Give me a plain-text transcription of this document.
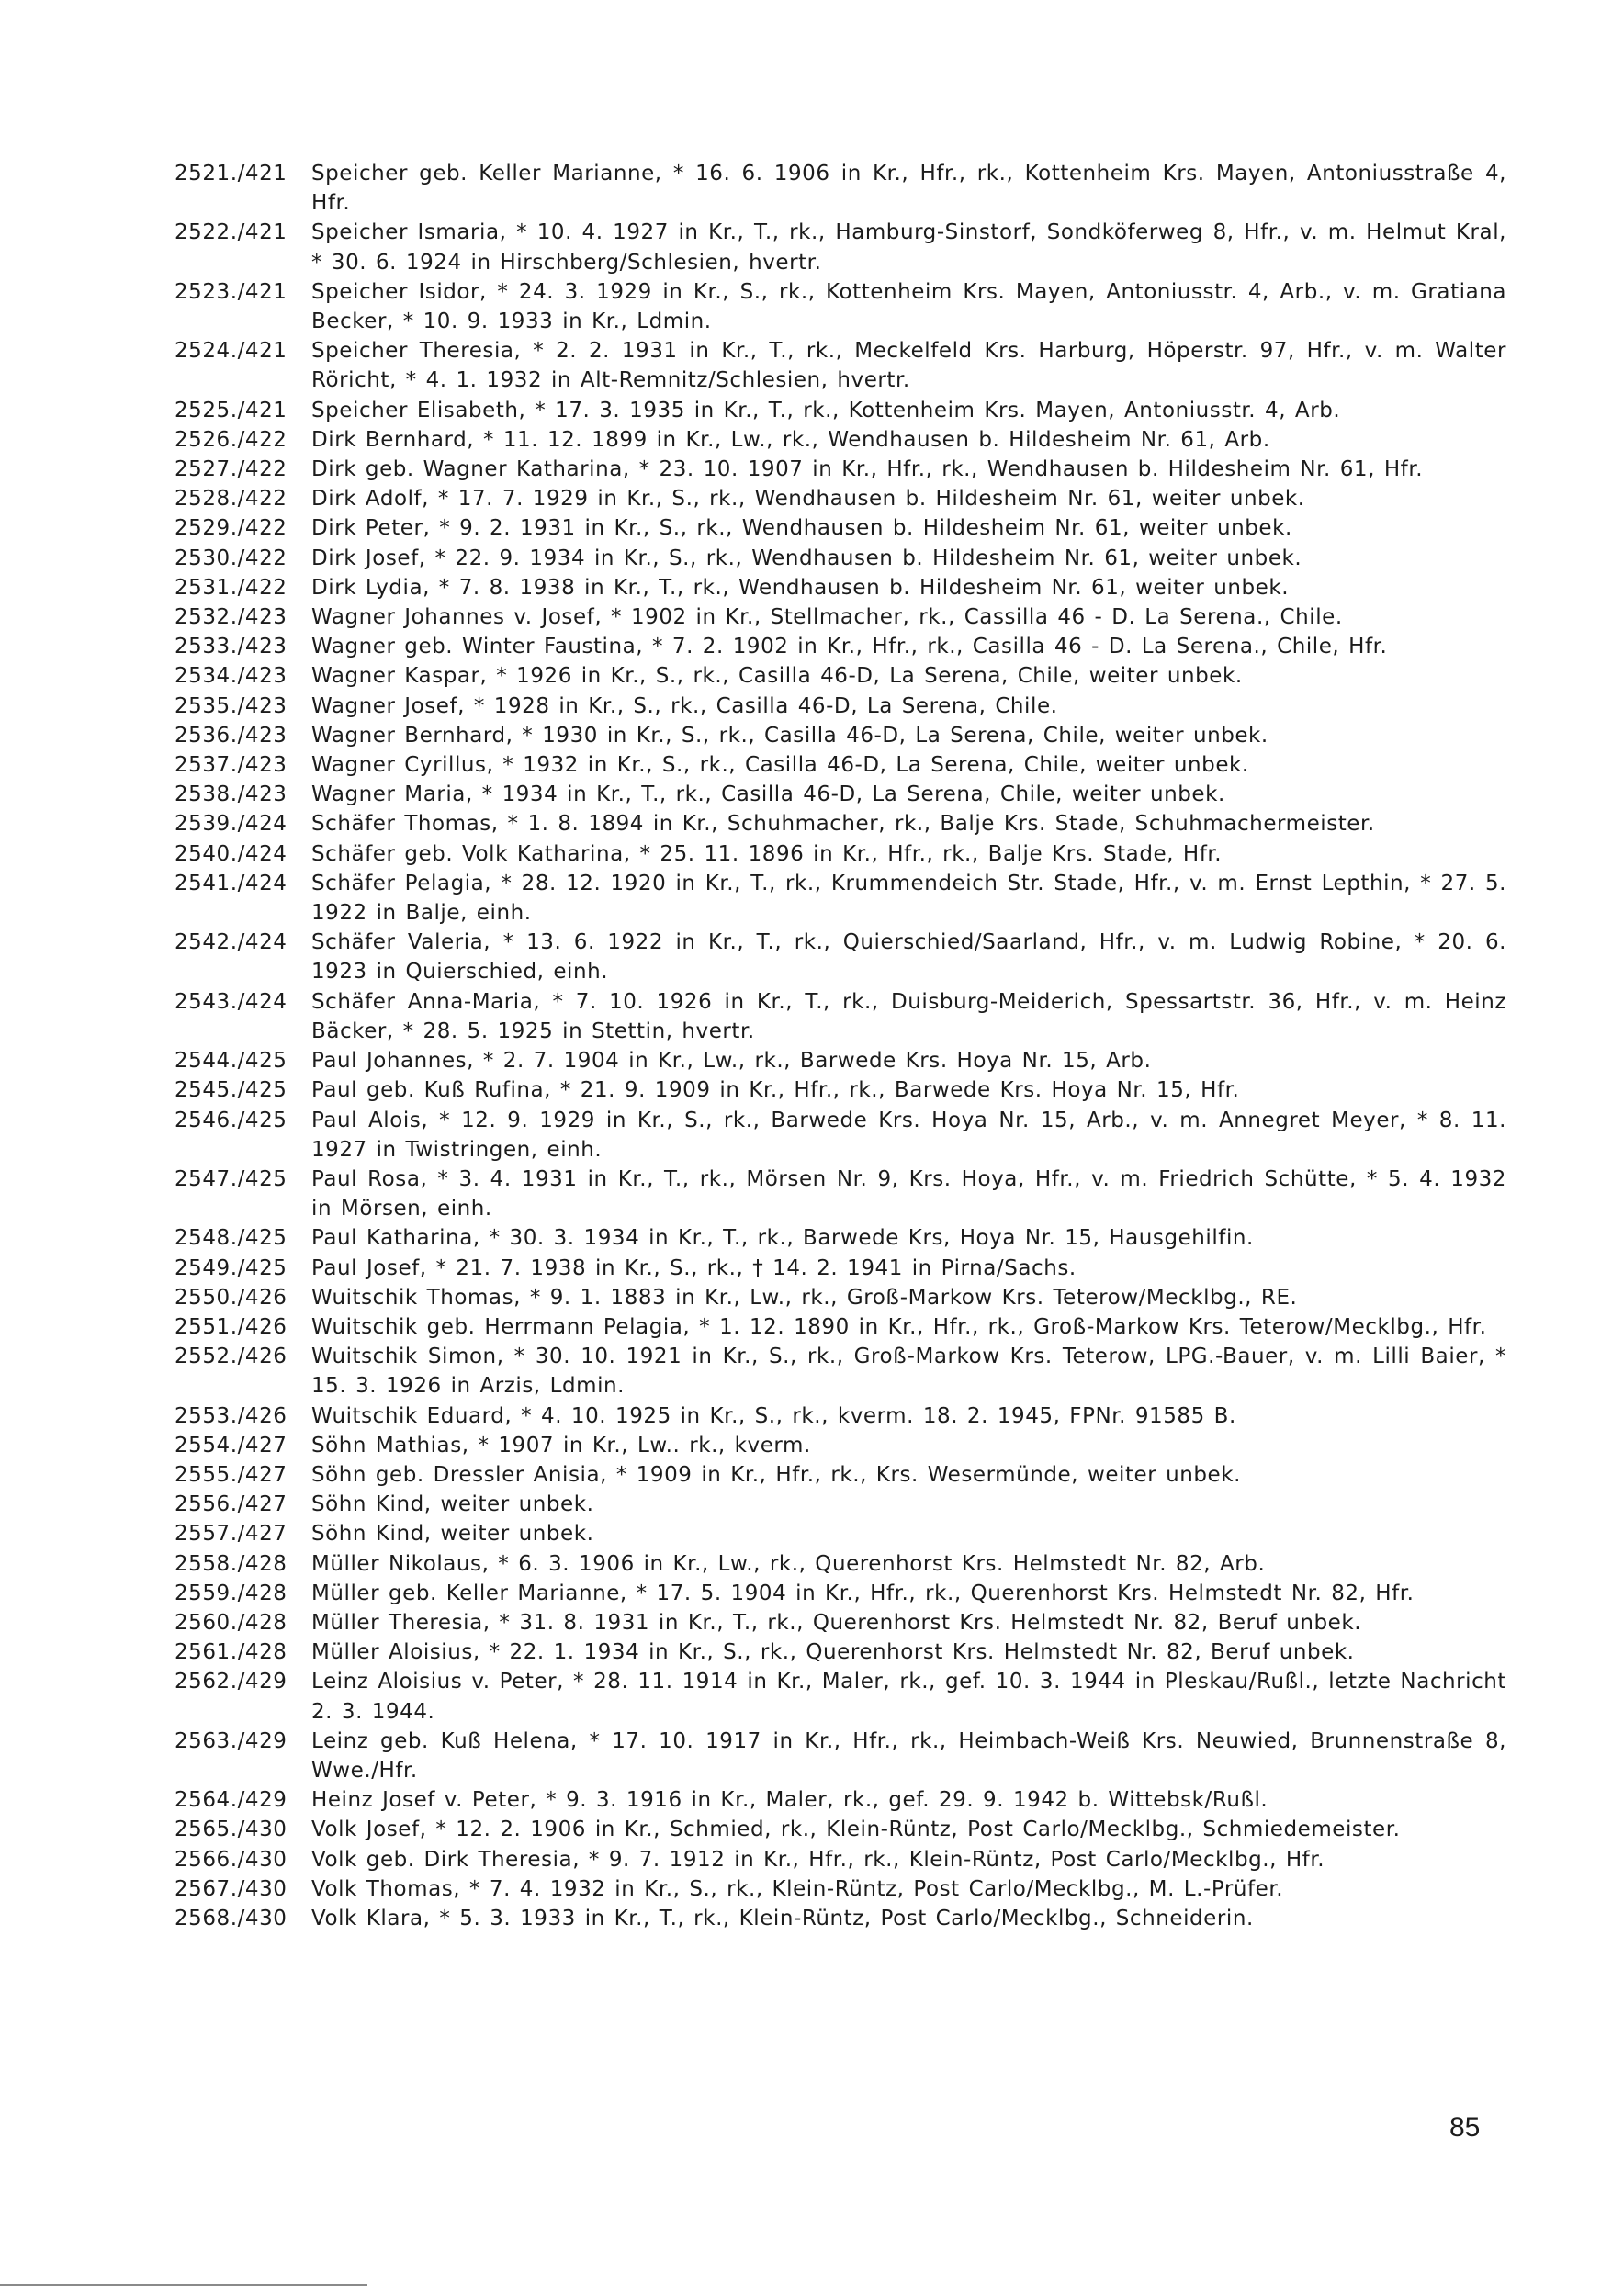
2521./421	Speicher geb. Keller Marianne, * 16. 6. 1906 in Kr., Hfr., rk., Kottenheim Krs. Mayen, Antoniusstraße 4, Hfr.
2522./421	Speicher Ismaria, * 10. 4. 1927 in Kr., T., rk., Hamburg-Sinstorf, Sondköferweg 8, Hfr., v. m. Helmut Kral, * 30. 6. 1924 in Hirschberg/Schlesien, hvertr.
2523./421	Speicher Isidor, * 24. 3. 1929 in Kr., S., rk., Kottenheim Krs. Mayen, Antoniusstr. 4, Arb., v. m. Gratiana Becker, * 10. 9. 1933 in Kr., Ldmin.
2524./421	Speicher Theresia, * 2. 2. 1931 in Kr., T., rk., Meckelfeld Krs. Harburg, Höperstr. 97, Hfr., v. m. Walter Röricht, * 4. 1. 1932 in Alt-Remnitz/Schlesien, hvertr.
2525./421	Speicher Elisabeth, * 17. 3. 1935 in Kr., T., rk., Kottenheim Krs. Mayen, Antoniusstr. 4, Arb.
2526./422	Dirk Bernhard, * 11. 12. 1899 in Kr., Lw., rk., Wendhausen b. Hildesheim Nr. 61, Arb.
2527./422	Dirk geb. Wagner Katharina, * 23. 10. 1907 in Kr., Hfr., rk., Wendhausen b. Hildesheim Nr. 61, Hfr.
2528./422	Dirk Adolf, * 17. 7. 1929 in Kr., S., rk., Wendhausen b. Hildesheim Nr. 61, weiter unbek.
2529./422	Dirk Peter, * 9. 2. 1931 in Kr., S., rk., Wendhausen b. Hildesheim Nr. 61, weiter unbek.
2530./422	Dirk Josef, * 22. 9. 1934 in Kr., S., rk., Wendhausen b. Hildesheim Nr. 61, weiter unbek.
2531./422	Dirk Lydia, * 7. 8. 1938 in Kr., T., rk., Wendhausen b. Hildesheim Nr. 61, weiter unbek.
2532./423	Wagner Johannes v. Josef, * 1902 in Kr., Stellmacher, rk., Cassilla 46 - D. La Serena., Chile.
2533./423	Wagner geb. Winter Faustina, * 7. 2. 1902 in Kr., Hfr., rk., Casilla 46 - D. La Serena., Chile, Hfr.
2534./423	Wagner Kaspar, * 1926 in Kr., S., rk., Casilla 46-D, La Serena, Chile, weiter unbek.
2535./423	Wagner Josef, * 1928 in Kr., S., rk., Casilla 46-D, La Serena, Chile.
2536./423	Wagner Bernhard, * 1930 in Kr., S., rk., Casilla 46-D, La Serena, Chile, weiter unbek.
2537./423	Wagner Cyrillus, * 1932 in Kr., S., rk., Casilla 46-D, La Serena, Chile, weiter unbek.
2538./423	Wagner Maria, * 1934 in Kr., T., rk., Casilla 46-D, La Serena, Chile, weiter unbek.
2539./424	Schäfer Thomas, * 1. 8. 1894 in Kr., Schuhmacher, rk., Balje Krs. Stade, Schuhmachermeister.
2540./424	Schäfer geb. Volk Katharina, * 25. 11. 1896 in Kr., Hfr., rk., Balje Krs. Stade, Hfr.
2541./424	Schäfer Pelagia, * 28. 12. 1920 in Kr., T., rk., Krummendeich Str. Stade, Hfr., v. m. Ernst Lepthin, * 27. 5. 1922 in Balje, einh.
2542./424	Schäfer Valeria, * 13. 6. 1922 in Kr., T., rk., Quierschied/Saarland, Hfr., v. m. Ludwig Robine, * 20. 6. 1923 in Quierschied, einh.
2543./424	Schäfer Anna-Maria, * 7. 10. 1926 in Kr., T., rk., Duisburg-Meiderich, Spessartstr. 36, Hfr., v. m. Heinz Bäcker, * 28. 5. 1925 in Stettin, hvertr.
2544./425	Paul Johannes, * 2. 7. 1904 in Kr., Lw., rk., Barwede Krs. Hoya Nr. 15, Arb.
2545./425	Paul geb. Kuß Rufina, * 21. 9. 1909 in Kr., Hfr., rk., Barwede Krs. Hoya Nr. 15, Hfr.
2546./425	Paul Alois, * 12. 9. 1929 in Kr., S., rk., Barwede Krs. Hoya Nr. 15, Arb., v. m. Annegret Meyer, * 8. 11. 1927 in Twistringen, einh.
2547./425	Paul Rosa, * 3. 4. 1931 in Kr., T., rk., Mörsen Nr. 9, Krs. Hoya, Hfr., v. m. Friedrich Schütte, * 5. 4. 1932 in Mörsen, einh.
2548./425	Paul Katharina, * 30. 3. 1934 in Kr., T., rk., Barwede Krs, Hoya Nr. 15, Hausgehilfin.
2549./425	Paul Josef, * 21. 7. 1938 in Kr., S., rk., † 14. 2. 1941 in Pirna/Sachs.
2550./426	Wuitschik Thomas, * 9. 1. 1883 in Kr., Lw., rk., Groß-Markow Krs. Teterow/Mecklbg., RE.
2551./426	Wuitschik geb. Herrmann Pelagia, * 1. 12. 1890 in Kr., Hfr., rk., Groß-Markow Krs. Teterow/Mecklbg., Hfr.
2552./426	Wuitschik Simon, * 30. 10. 1921 in Kr., S., rk., Groß-Markow Krs. Teterow, LPG.-Bauer, v. m. Lilli Baier, * 15. 3. 1926 in Arzis, Ldmin.
2553./426	Wuitschik Eduard, * 4. 10. 1925 in Kr., S., rk., kverm. 18. 2. 1945, FPNr. 91585 B.
2554./427	Söhn Mathias, * 1907 in Kr., Lw.. rk., kverm.
2555./427	Söhn geb. Dressler Anisia, * 1909 in Kr., Hfr., rk., Krs. Wesermünde, weiter unbek.
2556./427	Söhn Kind, weiter unbek.
2557./427	Söhn Kind, weiter unbek.
2558./428	Müller Nikolaus, * 6. 3. 1906 in Kr., Lw., rk., Querenhorst Krs. Helmstedt Nr. 82, Arb.
2559./428	Müller geb. Keller Marianne, * 17. 5. 1904 in Kr., Hfr., rk., Querenhorst Krs. Helmstedt Nr. 82, Hfr.
2560./428	Müller Theresia, * 31. 8. 1931 in Kr., T., rk., Querenhorst Krs. Helmstedt Nr. 82, Beruf unbek.
2561./428	Müller Aloisius, * 22. 1. 1934 in Kr., S., rk., Querenhorst Krs. Helmstedt Nr. 82, Beruf unbek.
2562./429	Leinz Aloisius v. Peter, * 28. 11. 1914 in Kr., Maler, rk., gef. 10. 3. 1944 in Pleskau/Rußl., letzte Nachricht 2. 3. 1944.
2563./429	Leinz geb. Kuß Helena, * 17. 10. 1917 in Kr., Hfr., rk., Heimbach-Weiß Krs. Neuwied, Brunnenstraße 8, Wwe./Hfr.
2564./429	Heinz Josef v. Peter, * 9. 3. 1916 in Kr., Maler, rk., gef. 29. 9. 1942 b. Wittebsk/Rußl.
2565./430	Volk Josef, * 12. 2. 1906 in Kr., Schmied, rk., Klein-Rüntz, Post Carlo/Mecklbg., Schmiedemeister.
2566./430	Volk geb. Dirk Theresia, * 9. 7. 1912 in Kr., Hfr., rk., Klein-Rüntz, Post Carlo/Mecklbg., Hfr.
2567./430	Volk Thomas, * 7. 4. 1932 in Kr., S., rk., Klein-Rüntz, Post Carlo/Mecklbg., M. L.-Prüfer.
2568./430	Volk Klara, * 5. 3. 1933 in Kr., T., rk., Klein-Rüntz, Post Carlo/Mecklbg., Schneiderin.
85
